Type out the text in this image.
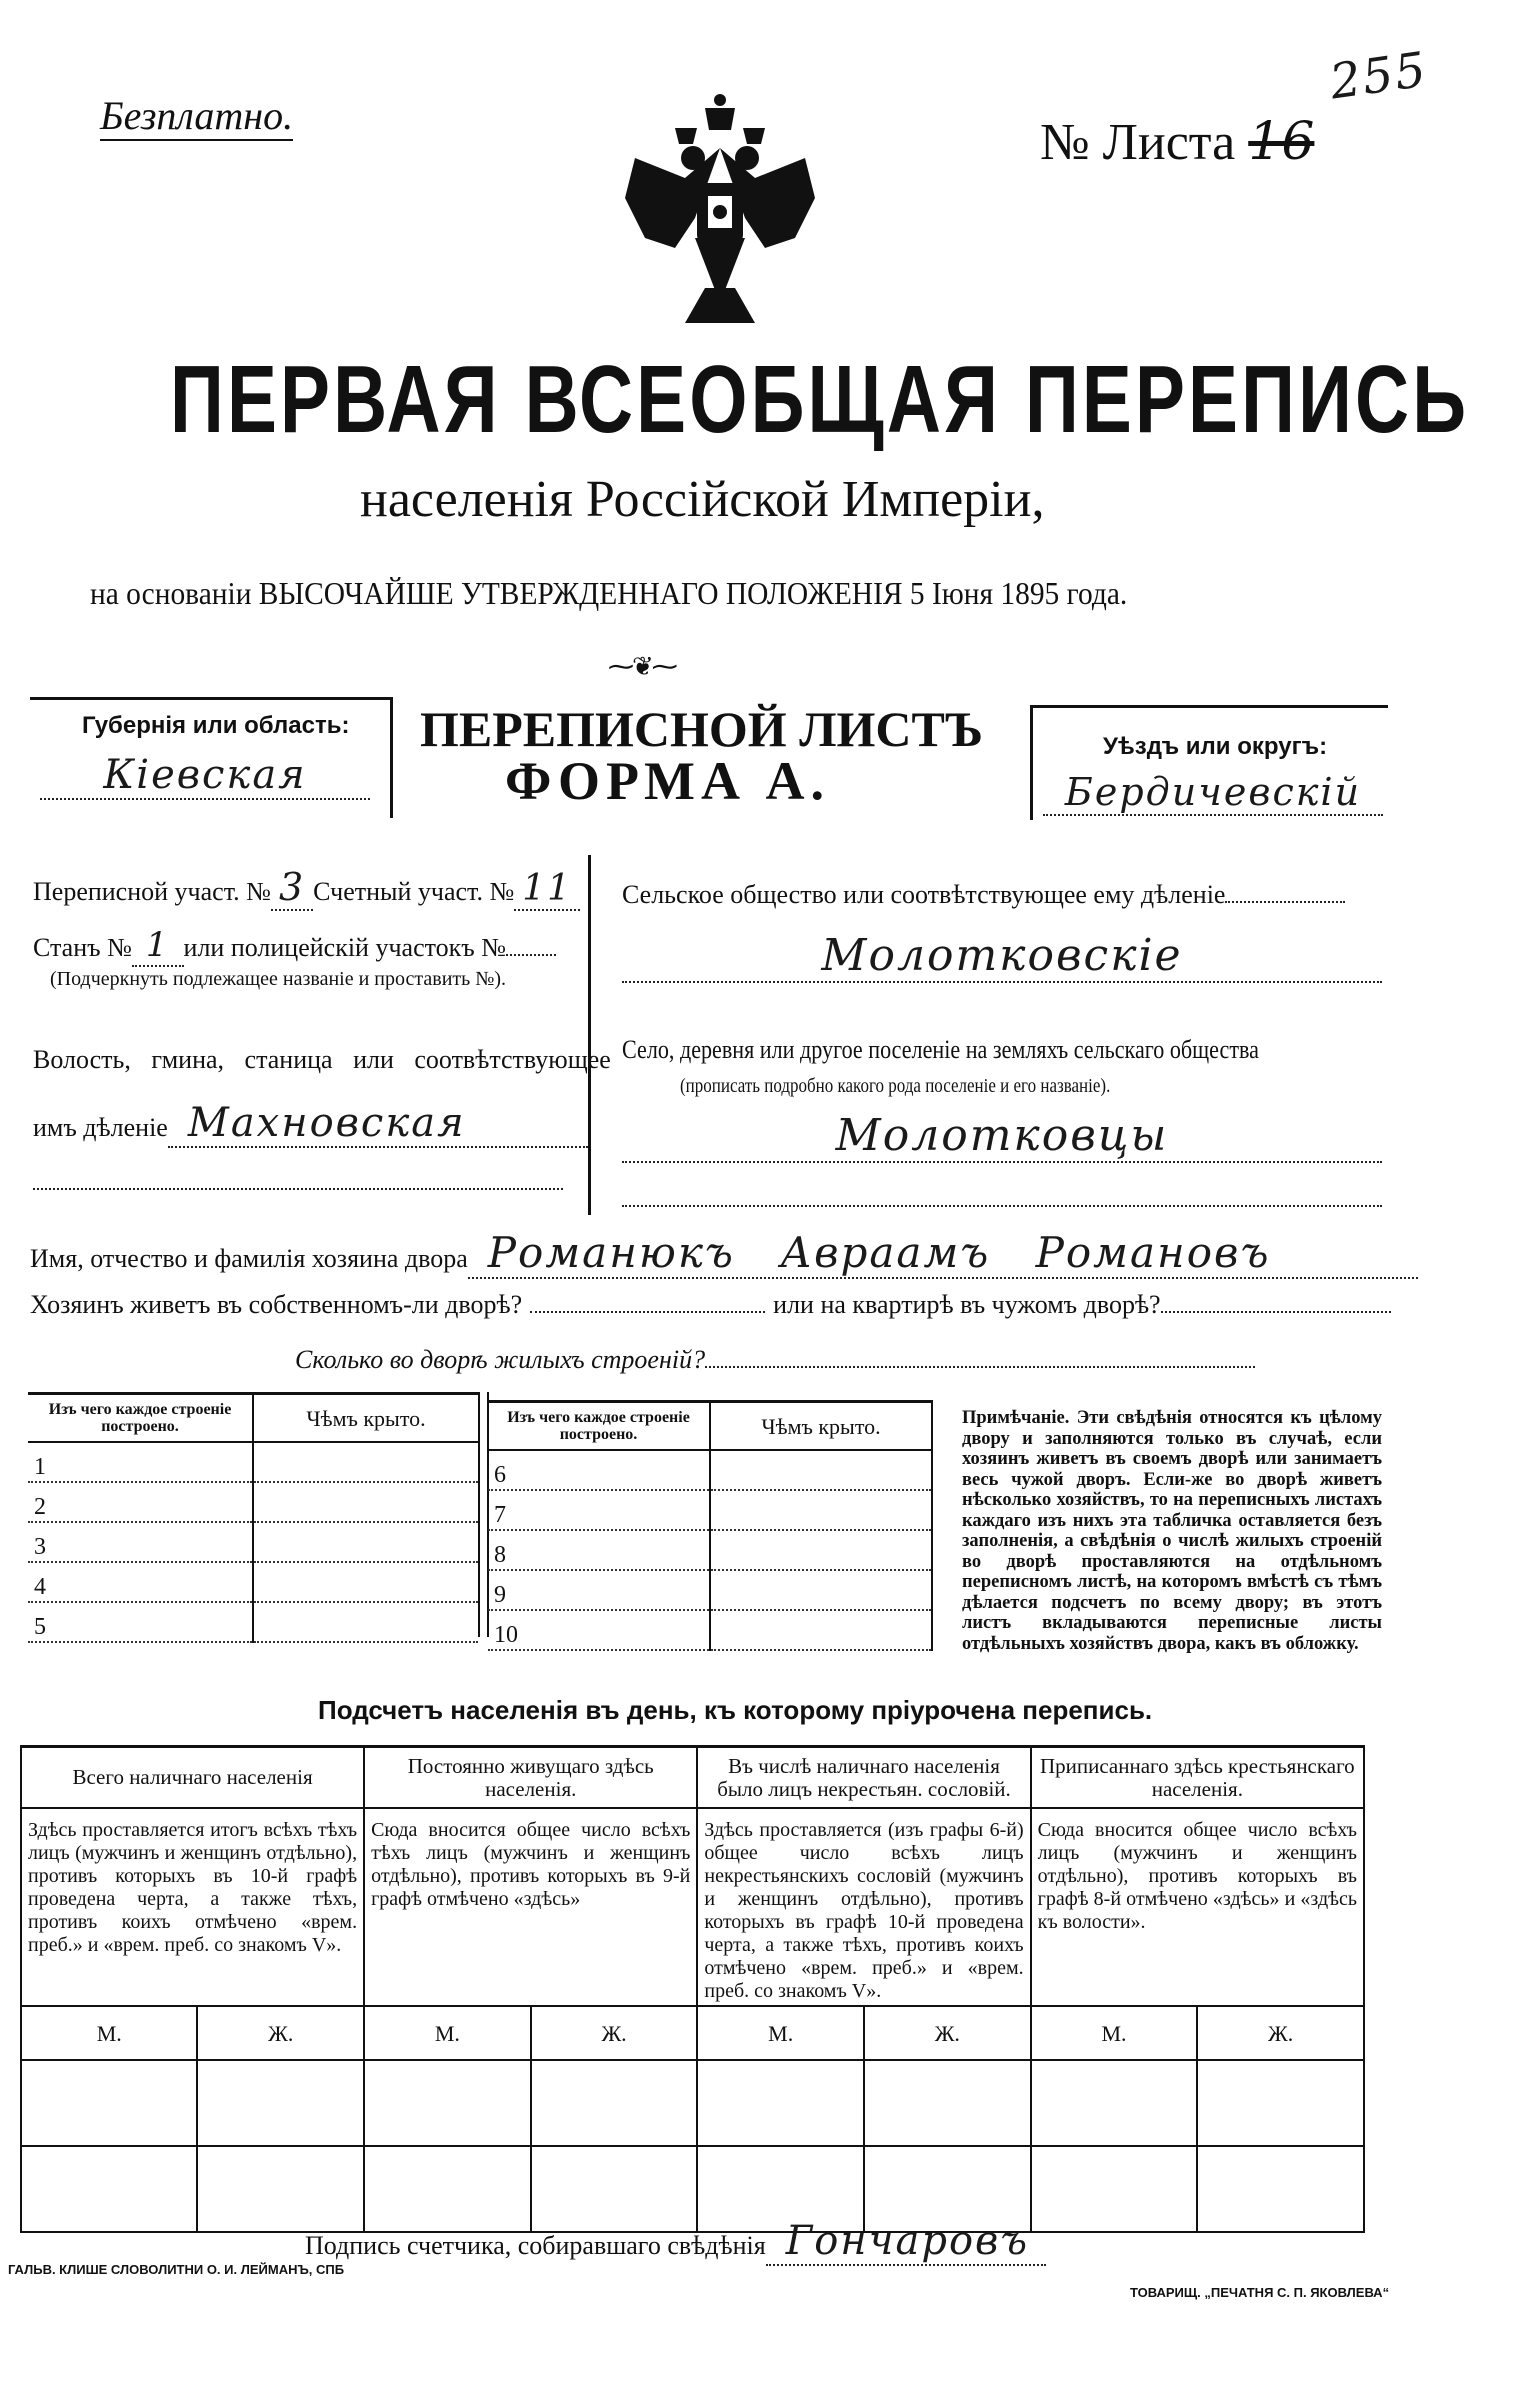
Безплатно.	№ Листа 16
255
ПЕРВАЯ ВСЕОБЩАЯ ПЕРЕПИСЬ
населенія Россійской Имперіи,
на основаніи ВЫСОЧАЙШЕ УТВЕРЖДЕННАГО ПОЛОЖЕНІЯ 5 Іюня 1895 года.
⁓❦⁓
Губернія или область:
Кіевская
ПЕРЕПИСНОЙ ЛИСТЪ
ФОРМА А.
Уѣздъ или округъ:
Бердичевскій
Переписной участ. № 3 Счетный участ. № 11
Станъ № 1 или полицейскій участокъ №
(Подчеркнуть подлежащее названіе и проставить №).
Волость, гмина, станица или соотвѣтствующее
имъ дѣленіе Махновская
Сельское общество или соотвѣтствующее ему дѣленіе
Молотковскіе
Село, деревня или другое поселеніе на земляхъ сельскаго общества
(прописать подробно какого рода поселеніе и его названіе).
Молотковцы
Имя, отчество и фамилія хозяина двора Романюкъ Авраамъ Романовъ
Хозяинъ живетъ въ собственномъ-ли дворѣ?	или на квартирѣ въ чужомъ дворѣ?
Сколько во дворѣ жилыхъ строеній?
Изъ чего каждое строеніе построено.	Чѣмъ крыто.
1	
2	
3	
4	
5	
Изъ чего каждое строеніе построено.	Чѣмъ крыто.
6	
7	
8	
9	
10	
Примѣчаніе. Эти свѣдѣнія относятся къ цѣлому двору и заполняются только въ случаѣ, если хозяинъ живетъ въ своемъ дворѣ или занимаетъ весь чужой дворъ. Если-же во дворѣ живетъ нѣсколько хозяйствъ, то на переписныхъ листахъ каждаго изъ нихъ эта табличка оставляется безъ заполненія, а свѣдѣнія о числѣ жилыхъ строеній во дворѣ проставляются на отдѣльномъ переписномъ листѣ, на которомъ вмѣстѣ съ тѣмъ дѣлается подсчетъ по всему двору; въ этотъ листъ вкладываются переписные листы отдѣльныхъ хозяйствъ двора, какъ въ обложку.
Подсчетъ населенія въ день, къ которому пріурочена перепись.
Всего наличнаго населенія		Постоянно живущаго здѣсь населенія.		Въ числѣ наличнаго населенія было лицъ некрестьян. сословій.		Приписаннаго здѣсь крестьянскаго населенія.	
Здѣсь проставляется итогъ всѣхъ тѣхъ лицъ (мужчинъ и женщинъ отдѣльно), противъ которыхъ въ 10-й графѣ проведена черта, а также тѣхъ, противъ коихъ отмѣчено «врем. преб.» и «врем. преб. со знакомъ V».		Сюда вносится общее число всѣхъ тѣхъ лицъ (мужчинъ и женщинъ отдѣльно), противъ которыхъ въ 9-й графѣ отмѣчено «здѣсь»		Здѣсь проставляется (изъ графы 6-й) общее число всѣхъ лицъ некрестьянскихъ сословій (мужчинъ и женщинъ отдѣльно), противъ которыхъ въ графѣ 10-й проведена черта, а также тѣхъ, противъ коихъ отмѣчено «врем. преб.» и «врем. преб. со знакомъ V».		Сюда вносится общее число всѣхъ лицъ (мужчинъ и женщинъ отдѣльно), противъ которыхъ въ графѣ 8-й отмѣчено «здѣсь» и «здѣсь къ волости».	
М.	Ж.	М.	Ж.	М.	Ж.	М.	Ж.

Подпись счетчика, собиравшаго свѣдѣнія Гончаровъ
ГАЛЬВ. КЛИШЕ СЛОВОЛИТНИ О. И. ЛЕЙМАНЪ, СПБ
ТОВАРИЩ. „ПЕЧАТНЯ С. П. ЯКОВЛЕВА“
